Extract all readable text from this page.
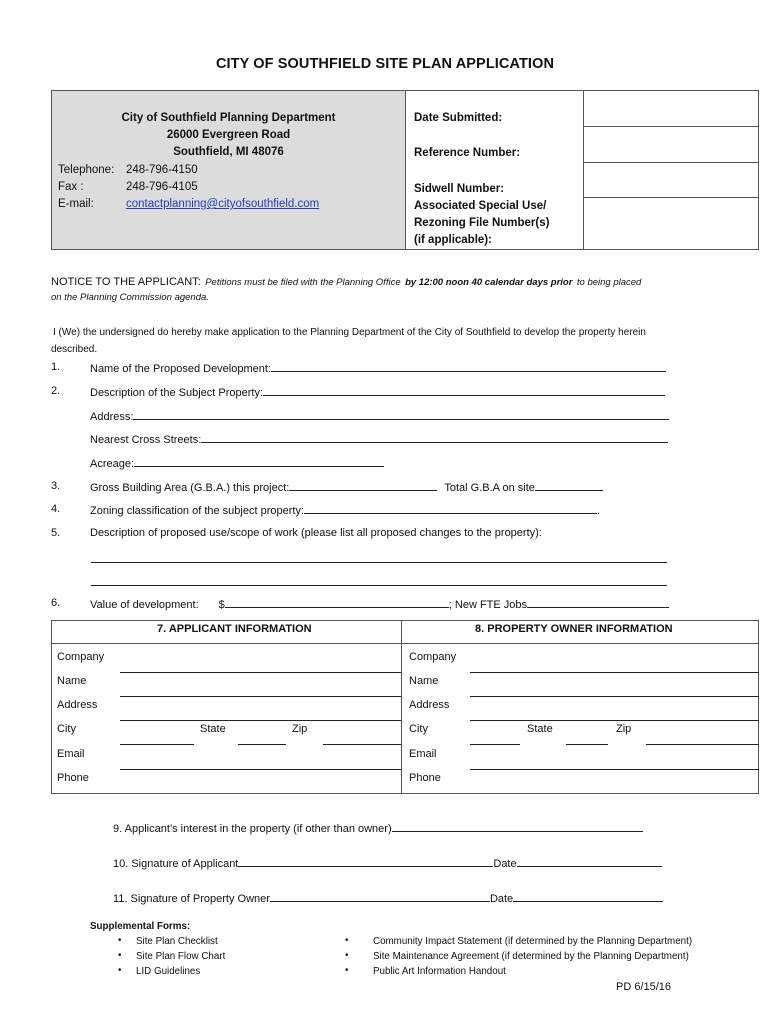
CITY OF SOUTHFIELD SITE PLAN APPLICATION
City of Southfield Planning Department
26000 Evergreen Road
Southfield, MI 48076
Telephone: 248-796-4150
Fax :	248-796-4105
E-mail:	contactplanning@cityofsouthfield.com
Date Submitted:
Reference Number:
Sidwell Number:
Associated Special Use/
Rezoning File Number(s)
(if applicable):
NOTICE TO THE APPLICANT: Petitions must be filed with the Planning Office by 12:00 noon 40 calendar days prior to being placed
on the Planning Commission agenda.
I (We) the undersigned do hereby make application to the Planning Department of the City of Southfield to develop the property herein
described.
1.	Name of the Proposed Development:
2.	Description of the Subject Property:
Address:
Nearest Cross Streets:
Acreage:
3.	Gross Building Area (G.B.A.) this project:	Total G.B.A on site
4.	Zoning classification of the subject property:	.
5.	Description of proposed use/scope of work (please list all proposed changes to the property):
6.	Value of development: $	; New FTE Jobs
7. APPLICANT INFORMATION	8. PROPERTY OWNER INFORMATION
Company
Name
Address
City	State	Zip
Email
Phone
Company
Name
Address
City	State	Zip
Email
Phone
9. Applicant’s interest in the property (if other than owner)
10. Signature of Applicant	Date
11. Signature of Property Owner	Date
Supplemental Forms:
• Site Plan Checklist
• Site Plan Flow Chart
• LID Guidelines
•	Community Impact Statement (if determined by the Planning Department)
•	Site Maintenance Agreement (if determined by the Planning Department)
•	Public Art Information Handout
PD 6/15/16
